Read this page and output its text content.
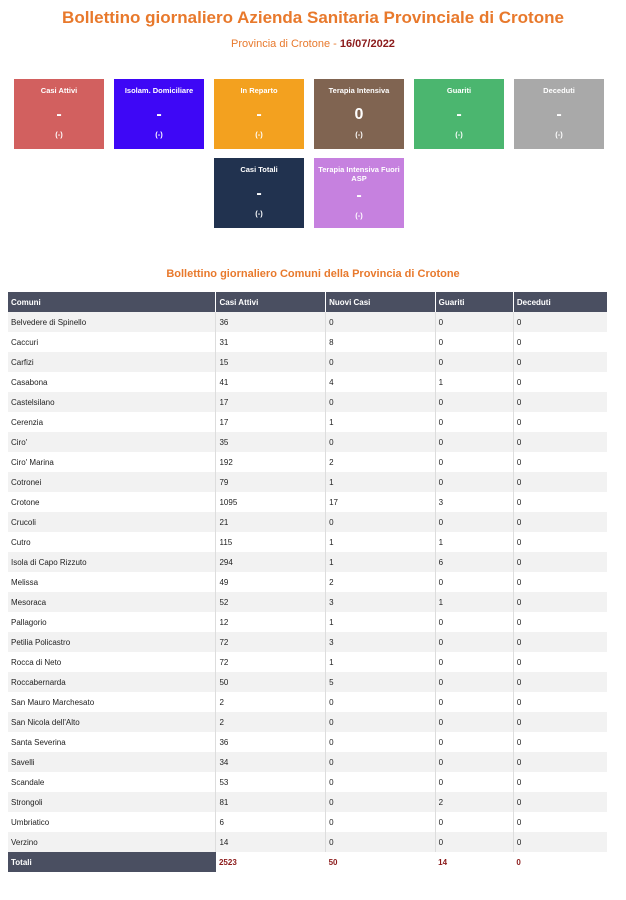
Bollettino giornaliero Azienda Sanitaria Provinciale di Crotone
Provincia di Crotone - 16/07/2022
Casi Attivi
-
(-)
Isolam. Domiciliare
-
(-)
In Reparto
-
(-)
Terapia Intensiva
0
(-)
Guariti
-
(-)
Deceduti
-
(-)
Casi Totali
-
(-)
Terapia Intensiva Fuori ASP
-
(-)
Bollettino giornaliero Comuni della Provincia di Crotone
Comuni	Casi Attivi	Nuovi Casi	Guariti	Deceduti
Belvedere di Spinello	36	0	0	0
Caccuri	31	8	0	0
Carfizi	15	0	0	0
Casabona	41	4	1	0
Castelsilano	17	0	0	0
Cerenzia	17	1	0	0
Ciro'	35	0	0	0
Ciro' Marina	192	2	0	0
Cotronei	79	1	0	0
Crotone	1095	17	3	0
Crucoli	21	0	0	0
Cutro	115	1	1	0
Isola di Capo Rizzuto	294	1	6	0
Melissa	49	2	0	0
Mesoraca	52	3	1	0
Pallagorio	12	1	0	0
Petilia Policastro	72	3	0	0
Rocca di Neto	72	1	0	0
Roccabernarda	50	5	0	0
San Mauro Marchesato	2	0	0	0
San Nicola dell'Alto	2	0	0	0
Santa Severina	36	0	0	0
Savelli	34	0	0	0
Scandale	53	0	0	0
Strongoli	81	0	2	0
Umbriatico	6	0	0	0
Verzino	14	0	0	0
Totali	2523	50	14	0
